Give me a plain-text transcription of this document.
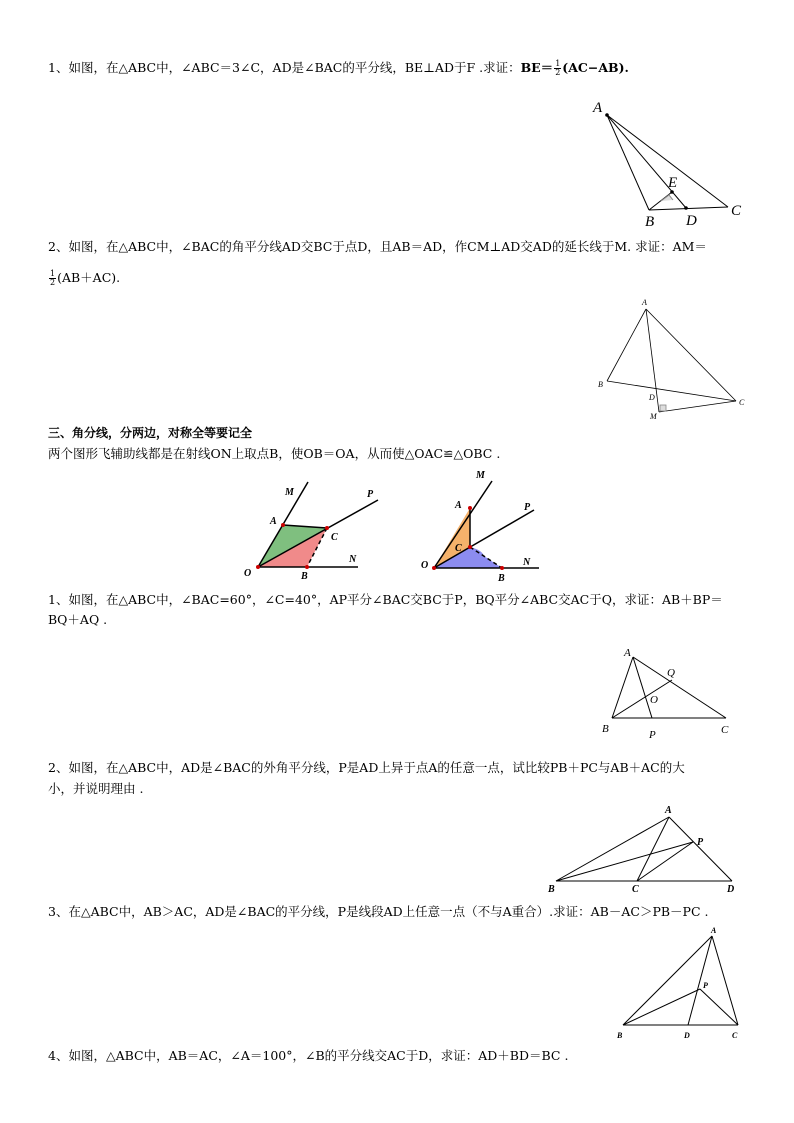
1、如图，在△ABC中，∠ABC＝3∠C，AD是∠BAC的平分线，BE⊥AD于F .求证：$BE= \frac{1}{2} (AC-AB)$.
A
B
C
D
E
2、如图，在△ABC中，∠BAC的角平分线AD交BC于点D，且AB＝AD，作CM⊥AD交AD的延长线于M. 求证：AM＝
$\frac{1}{2} (AB+AC)$.
A
B
C
D
M
三、角分线，分两边，对称全等要记全
两个图形飞辅助线都是在射线ON上取点B，使OB＝OA，从而使△OAC≌△OBC .
M	P
A
C
O	B
N
M
P
A
C
O
B
N
1、如图，在△ABC中，∠BAC=60°，∠C=40°，AP平分∠BAC交BC于P，BQ平分∠ABC交AC于Q，求证：AB＋BP＝
BQ＋AQ .
A
B	C
P
Q
O
2、如图，在△ABC中，AD是∠BAC的外角平分线，P是AD上异于点A的任意一点，试比较PB＋PC与AB＋AC的大
小，并说明理由 .
A
B	C	D
P
3、在△ABC中，AB＞AC，AD是∠BAC的平分线，P是线段AD上任意一点（不与A重合）.求证：AB－AC＞PB－PC .
A
B	C
D
P
4、如图，△ABC中，AB＝AC，∠A＝100°，∠B的平分线交AC于D，求证：AD＋BD＝BC .
